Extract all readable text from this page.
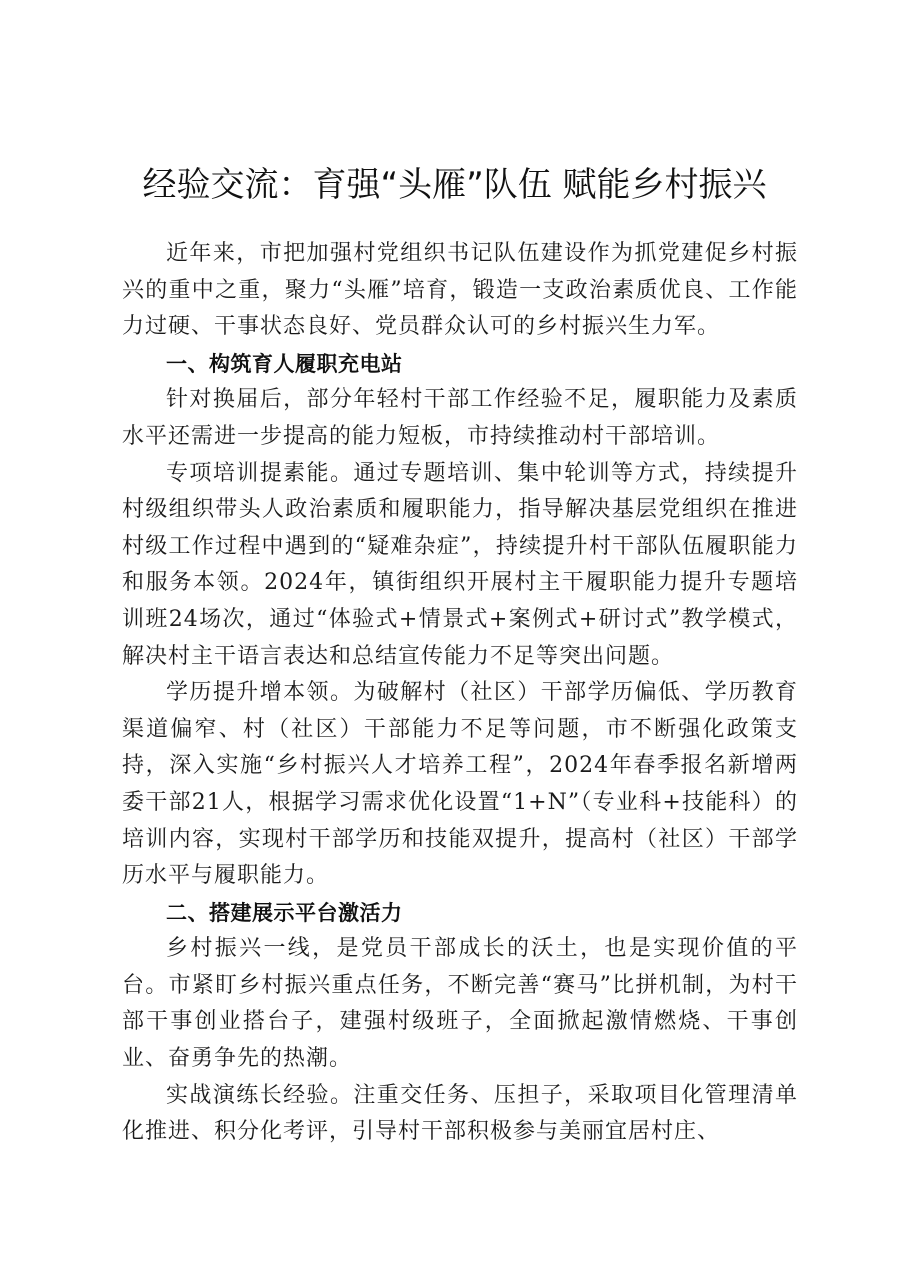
经验交流：育强“头雁”队伍 赋能乡村振兴

近年来，市把加强村党组织书记队伍建设作为抓党建促乡村振兴的重中之重，聚力“头雁”培育，锻造一支政治素质优良、工作能力过硬、干事状态良好、党员群众认可的乡村振兴生力军。

一、构筑育人履职充电站

针对换届后，部分年轻村干部工作经验不足，履职能力及素质水平还需进一步提高的能力短板，市持续推动村干部培训。

专项培训提素能。通过专题培训、集中轮训等方式，持续提升村级组织带头人政治素质和履职能力，指导解决基层党组织在推进村级工作过程中遇到的“疑难杂症”，持续提升村干部队伍履职能力和服务本领。2024年，镇街组织开展村主干履职能力提升专题培训班24场次，通过“体验式+情景式+案例式+研讨式”教学模式，解决村主干语言表达和总结宣传能力不足等突出问题。

学历提升增本领。为破解村（社区）干部学历偏低、学历教育渠道偏窄、村（社区）干部能力不足等问题，市不断强化政策支持，深入实施“乡村振兴人才培养工程”，2024年春季报名新增两委干部21人，根据学习需求优化设置“1+N”（专业科+技能科）的培训内容，实现村干部学历和技能双提升，提高村（社区）干部学历水平与履职能力。

二、搭建展示平台激活力

乡村振兴一线，是党员干部成长的沃土，也是实现价值的平台。市紧盯乡村振兴重点任务，不断完善“赛马”比拼机制，为村干部干事创业搭台子，建强村级班子，全面掀起激情燃烧、干事创业、奋勇争先的热潮。

实战演练长经验。注重交任务、压担子，采取项目化管理清单化推进、积分化考评，引导村干部积极参与美丽宜居村庄、
